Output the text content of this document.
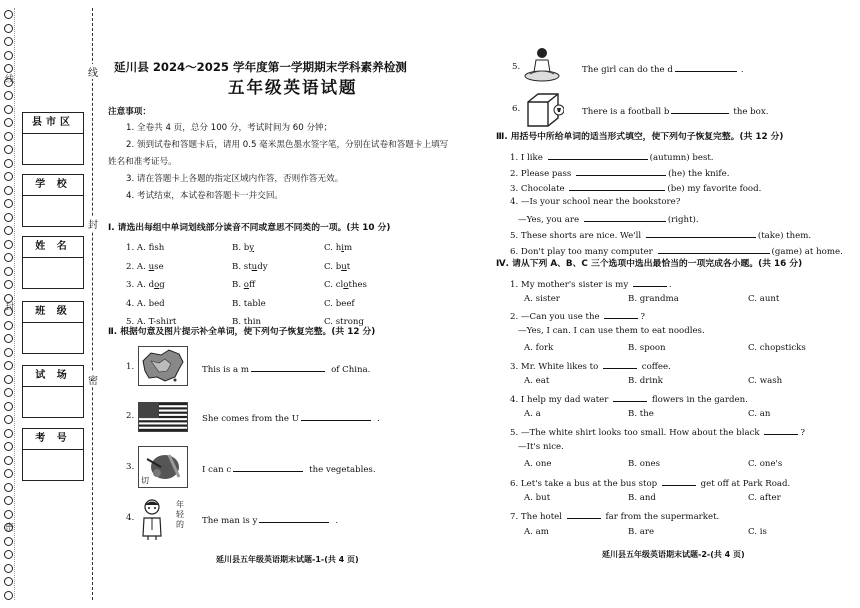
线
封
密
线
封
密
县市区
学 校
姓 名
班 级
试 场
考 号
延川县 2024～2025 学年度第一学期期末学科素养检测
五年级英语试题
注意事项：
1. 全卷共 4 页，总分 100 分，考试时间为 60 分钟；
2. 领到试卷和答题卡后，请用 0.5 毫米黑色墨水签字笔，分别在试卷和答题卡上填写
姓名和准考证号。
3. 请在答题卡上各题的指定区域内作答，否则作答无效。
4. 考试结束，本试卷和答题卡一并交回。
Ⅰ. 请选出每组中单词划线部分读音不同或意思不同类的一项。(共 10 分)
1. A. fsh	B. by	C. him
2. A. use	B. study	C. but
3. A. dog	B. off	C. clothes
4. A. bed	B. table	C. beef
5. A. T-shirt	B. thin	C. strong
Ⅱ. 根据句意及图片提示补全单词，使下列句子恢复完整。(共 12 分)
切
年
轻
的
1.	This is a m	of China.
2.	She comes from the U	.
3.	I can c	the vegetables.
4.	The man is y	.
延川县五年级英语期末试题-1-(共 4 页)
5.	The girl can do the d	.
6.	There is a football b	the box.
Ⅲ. 用括号中所给单词的适当形式填空，使下列句子恢复完整。(共 12 分)
1. I like	(autumn) best.
2. Please pass	(he) the knife.
3. Chocolate	(be) my favorite food.
4. —Is your school near the bookstore?
—Yes, you are	(right).
5. These shorts are nice. We'll	(take) them.
6. Don't play too many computer	(game) at home.
Ⅳ. 请从下列 A、B、C 三个选项中选出最恰当的一项完成各小题。(共 16 分)
1. My mother's sister is my	.
A. sister	B. grandma	C. aunt
2. —Can you use the	?
—Yes, I can. I can use them to eat noodles.
A. fork	B. spoon	C. chopsticks
3. Mr. White likes to	coffee.
A. eat	B. drink	C. wash
4. I help my dad water	flowers in the garden.
A. a	B. the	C. an
5. —The white shirt looks too small. How about the black	?
—It's nice.
A. one	B. ones	C. one's
6. Let's take a bus at the bus stop	get off at Park Road.
A. but	B. and	C. after
7. The hotel	far from the supermarket.
A. am	B. are	C. is
延川县五年级英语期末试题-2-(共 4 页)
